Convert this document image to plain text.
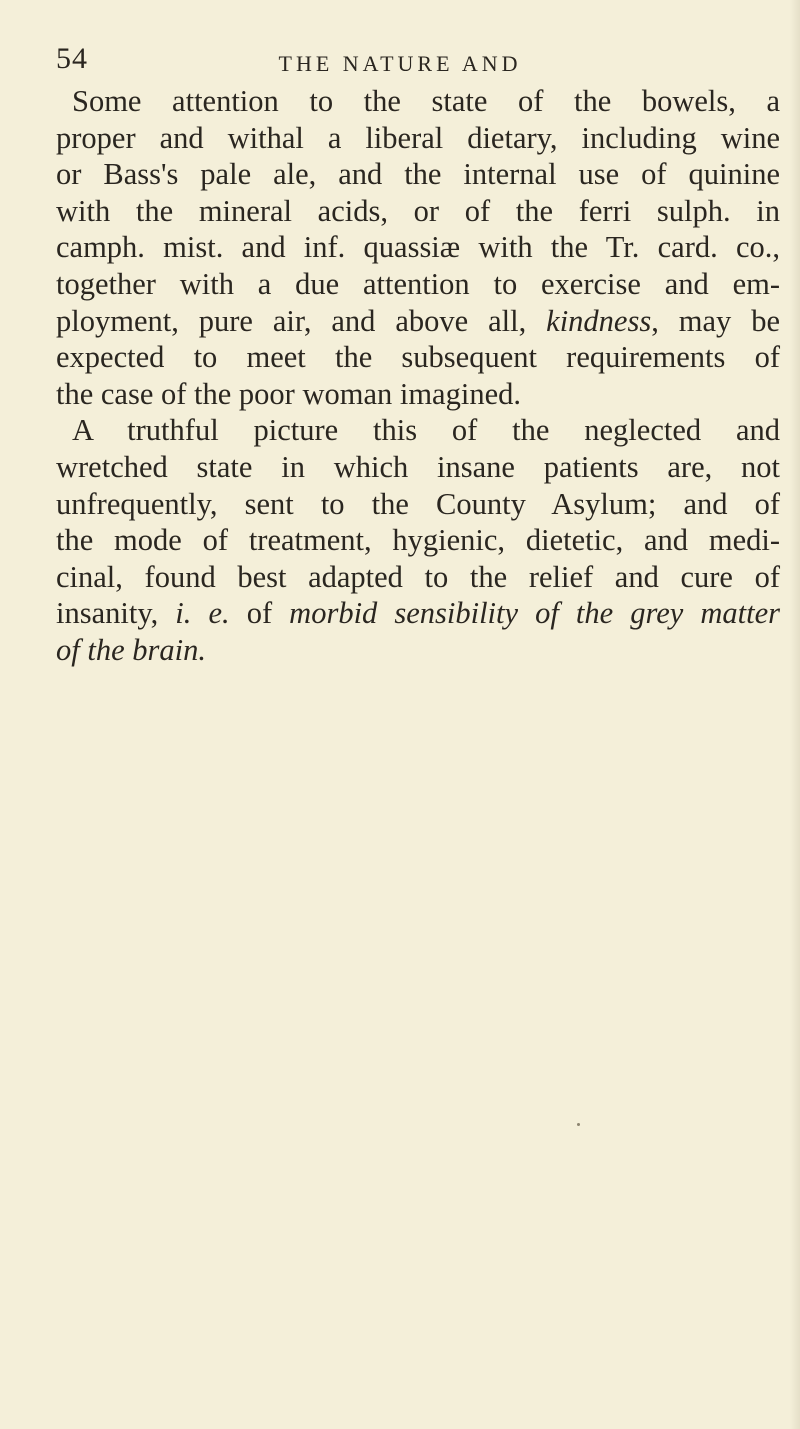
54	THE NATURE AND
Some attention to the state of the bowels, a
proper and withal a liberal dietary, including wine
or Bass's pale ale, and the internal use of quinine
with the mineral acids, or of the ferri sulph. in
camph. mist. and inf. quassiæ with the Tr. card. co.,
together with a due attention to exercise and em-
ployment, pure air, and above all, kindness, may be
expected to meet the subsequent requirements of
the case of the poor woman imagined.
A truthful picture this of the neglected and
wretched state in which insane patients are, not
unfrequently, sent to the County Asylum; and of
the mode of treatment, hygienic, dietetic, and medi-
cinal, found best adapted to the relief and cure of
insanity, i. e. of morbid sensibility of the grey matter
of the brain.
